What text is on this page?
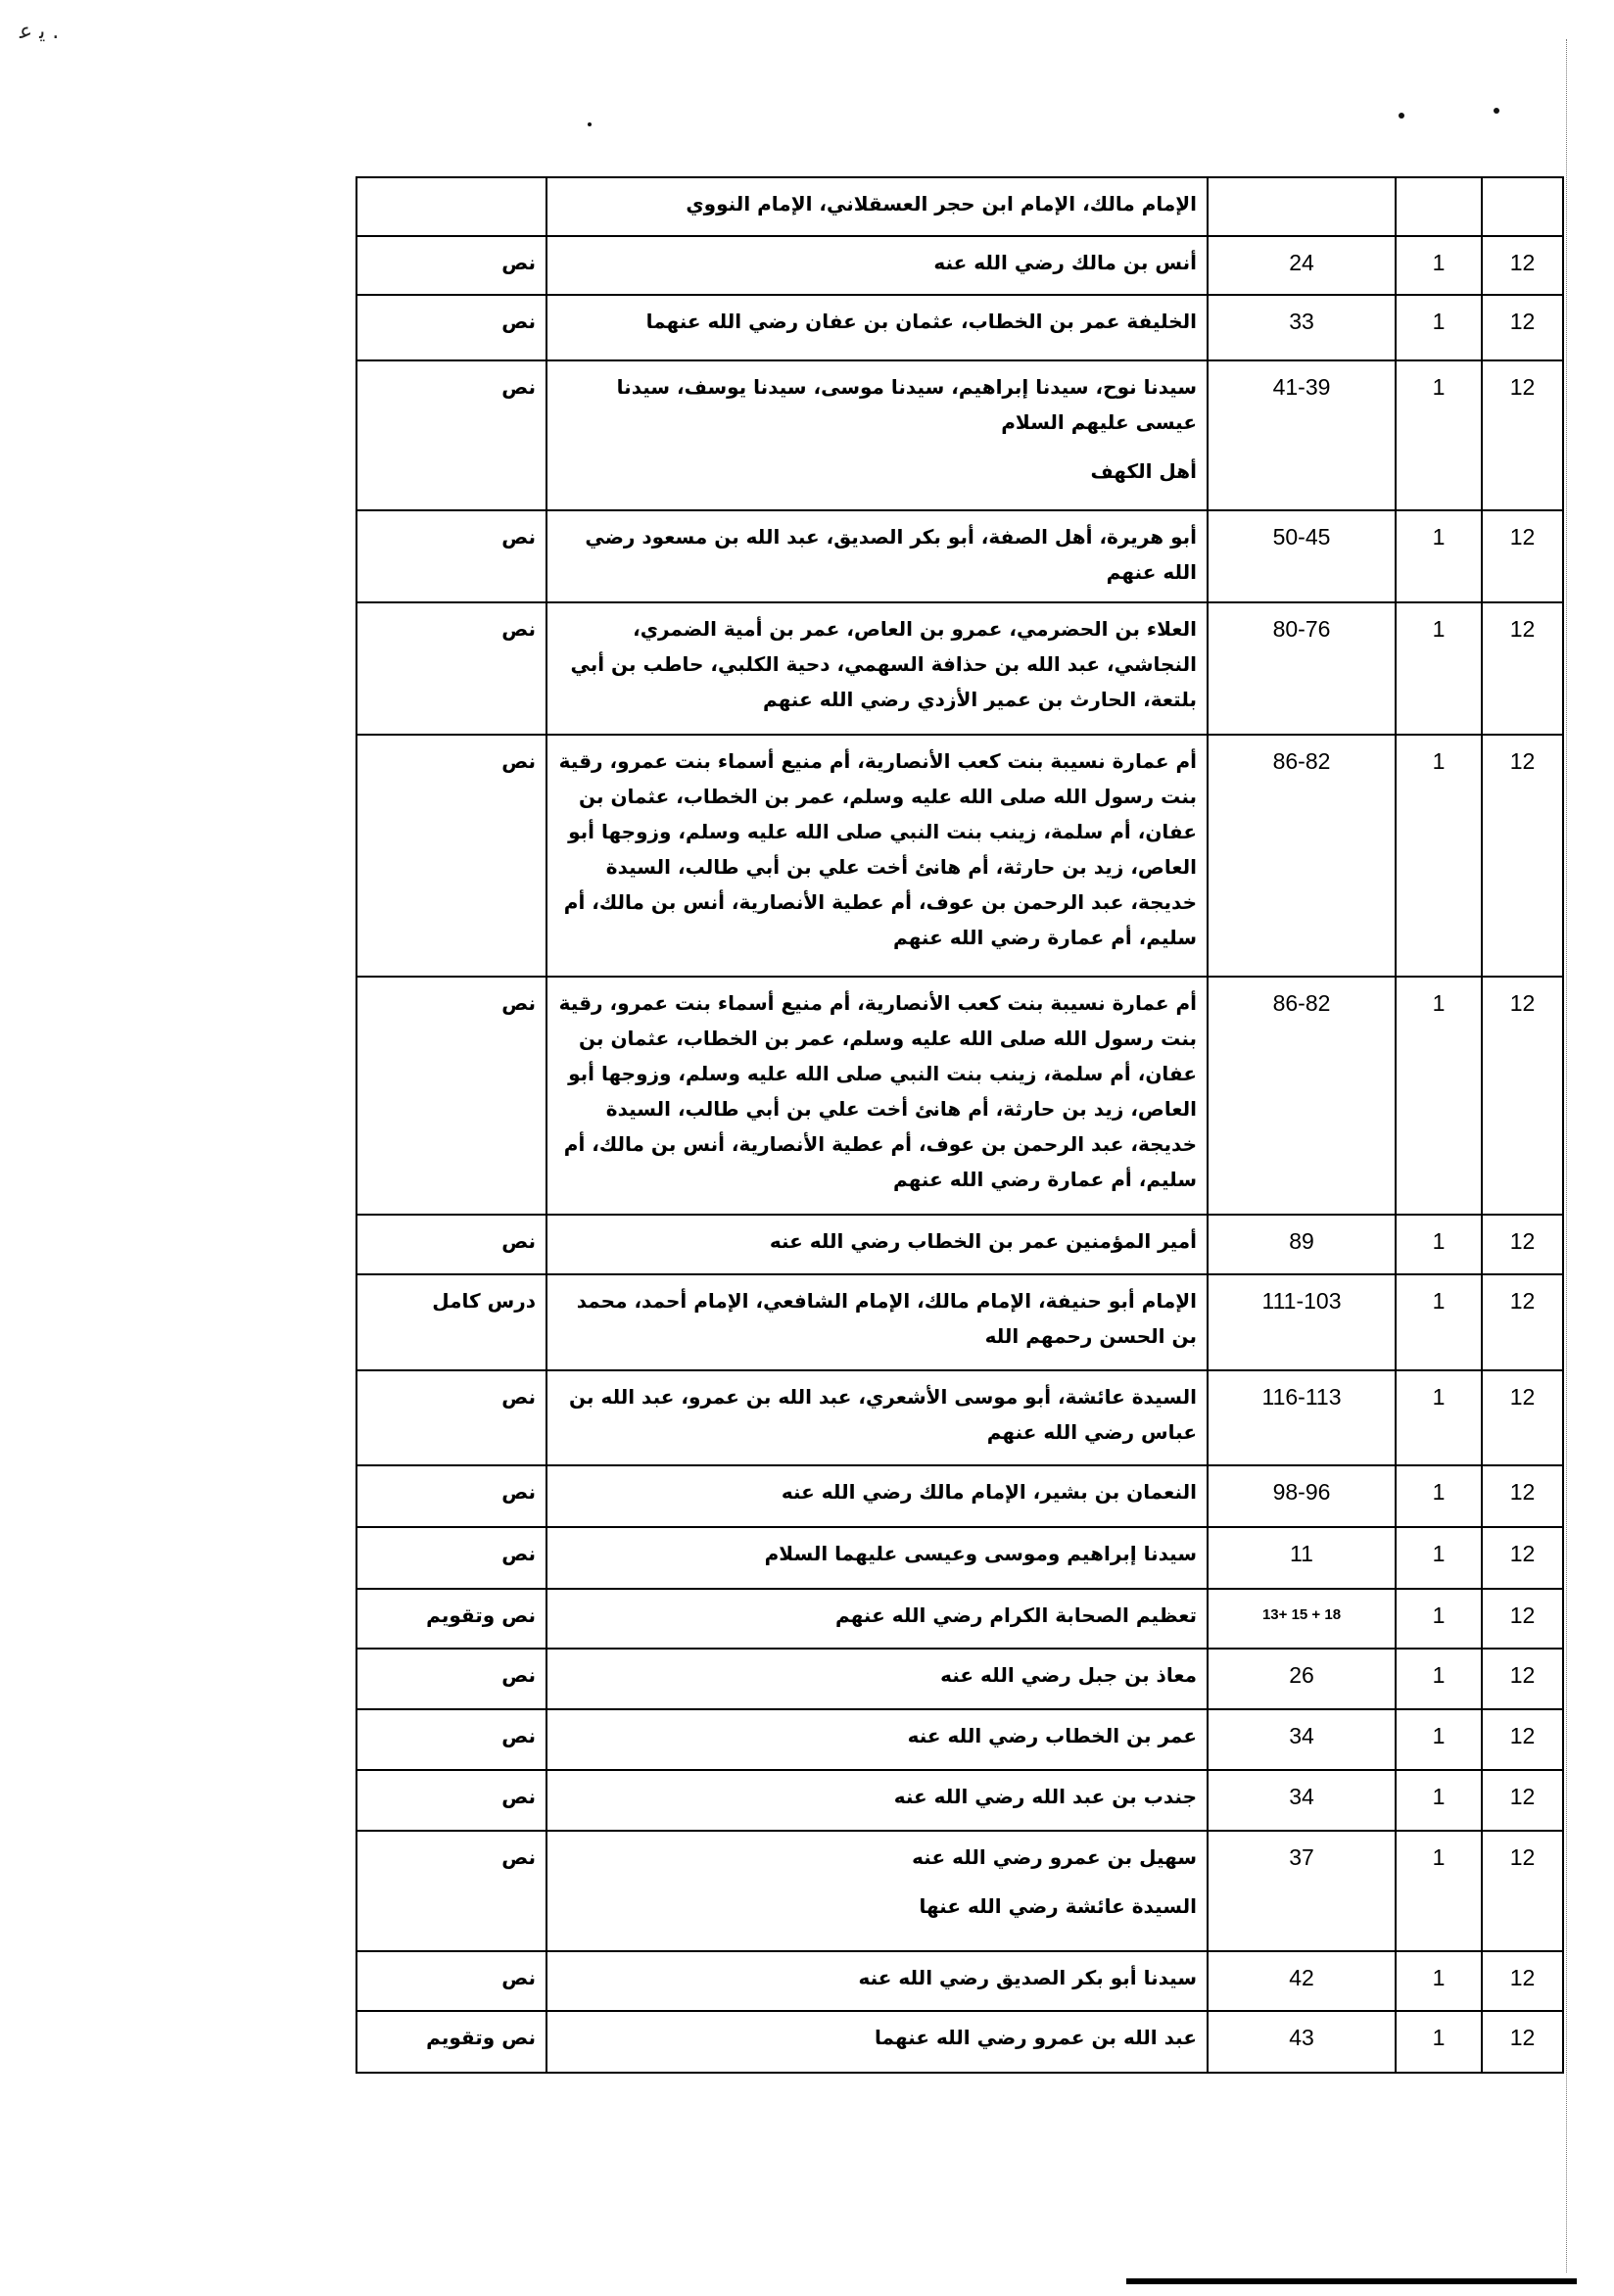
ﯾ ﻋ .

			الإمام مالك، الإمام ابن حجر العسقلاني، الإمام النووي	

12	1	24	أنس بن مالك رضي الله عنه	نص
12	1	33	الخليفة عمر بن الخطاب، عثمان بن عفان رضي الله عنهما	نص
12	1	41-39	سيدنا نوح، سيدنا إبراهيم، سيدنا موسى، سيدنا يوسف، سيدنا عيسى عليهم السلام
أهل الكهف	نص
12	1	50-45	أبو هريرة، أهل الصفة، أبو بكر الصديق، عبد الله بن مسعود رضي الله عنهم	نص
12	1	80-76	العلاء بن الحضرمي، عمرو بن العاص، عمر بن أمية الضمري، النجاشي، عبد الله بن حذافة السهمي، دحية الكلبي، حاطب بن أبي بلتعة، الحارث بن عمير الأزدي رضي الله عنهم	نص
12	1	86-82	أم عمارة نسيبة بنت كعب الأنصارية، أم منيع أسماء بنت عمرو، رقية بنت رسول الله صلى الله عليه وسلم، عمر بن الخطاب، عثمان بن عفان، أم سلمة، زينب بنت النبي صلى الله عليه وسلم، وزوجها أبو العاص، زيد بن حارثة، أم هانئ أخت علي بن أبي طالب، السيدة خديجة، عبد الرحمن بن عوف، أم عطية الأنصارية، أنس بن مالك، أم سليم، أم عمارة رضي الله عنهم	نص
12	1	86-82	أم عمارة نسيبة بنت كعب الأنصارية، أم منيع أسماء بنت عمرو، رقية بنت رسول الله صلى الله عليه وسلم، عمر بن الخطاب، عثمان بن عفان، أم سلمة، زينب بنت النبي صلى الله عليه وسلم، وزوجها أبو العاص، زيد بن حارثة، أم هانئ أخت علي بن أبي طالب، السيدة خديجة، عبد الرحمن بن عوف، أم عطية الأنصارية، أنس بن مالك، أم سليم، أم عمارة رضي الله عنهم	نص
12	1	89	أمير المؤمنين عمر بن الخطاب رضي الله عنه	نص
12	1	111-103	الإمام أبو حنيفة، الإمام مالك، الإمام الشافعي، الإمام أحمد، محمد بن الحسن رحمهم الله	درس كامل
12	1	116-113	السيدة عائشة، أبو موسى الأشعري، عبد الله بن عمرو، عبد الله بن عباس رضي الله عنهم	نص
12	1	98-96	النعمان بن بشير، الإمام مالك رضي الله عنه	نص
12	1	11	سيدنا إبراهيم وموسى وعيسى عليهما السلام	نص
12	1	18 + 15 +13	تعظيم الصحابة الكرام رضي الله عنهم	نص وتقويم
12	1	26	معاذ بن جبل رضي الله عنه	نص
12	1	34	عمر بن الخطاب رضي الله عنه	نص
12	1	34	جندب بن عبد الله رضي الله عنه	نص
12	1	37	سهيل بن عمرو رضي الله عنه
السيدة عائشة رضي الله عنها	نص
12	1	42	سيدنا أبو بكر الصديق رضي الله عنه	نص
12	1	43	عبد الله بن عمرو رضي الله عنهما	نص وتقويم
